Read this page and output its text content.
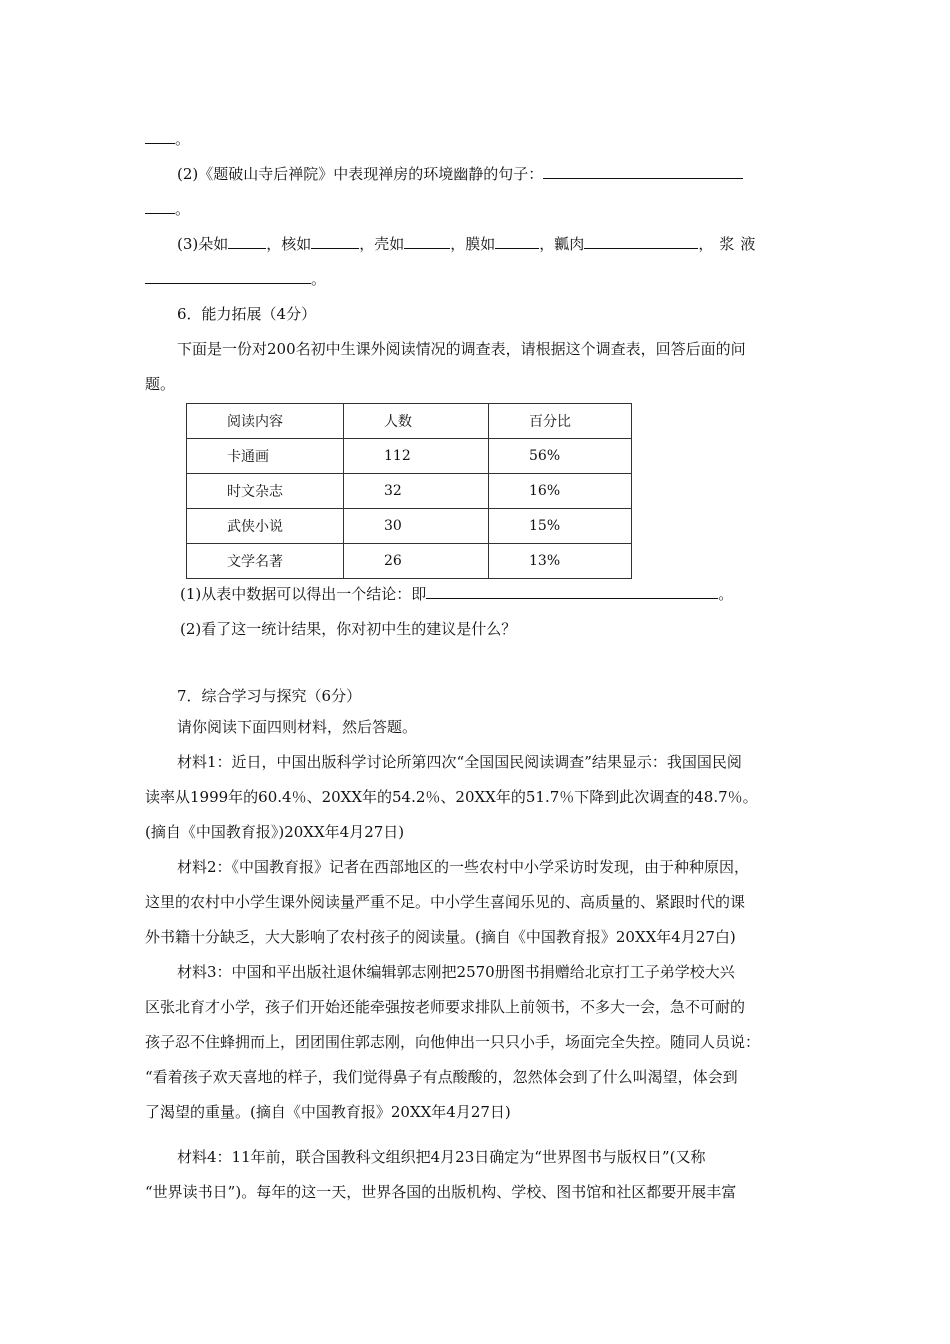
。
(2)《题破山寺后禅院》中表现禅房的环境幽静的句子：
。
(3)朵如	，核如	，壳如	，膜如	，瓤肉	，浆液
。
6．能力拓展（4分）
下面是一份对200名初中生课外阅读情况的调查表，请根据这个调查表，回答后面的问
题。
阅读内容	人数	百分比
卡通画	112	56%
时文杂志	32	16%
武侠小说	30	15%
文学名著	26	13%
(1)从表中数据可以得出一个结论：即	。
(2)看了这一统计结果，你对初中生的建议是什么？
7．综合学习与探究（6分）
请你阅读下面四则材料，然后答题。
材料1：近日，中国出版科学讨论所第四次“全国国民阅读调查”结果显示：我国国民阅
读率从1999年的60.4％、20XX年的54.2％、20XX年的51.7％下降到此次调查的48.7％。
(摘自《中国教育报》)20XX年4月27日)
材料2：《中国教育报》记者在西部地区的一些农村中小学采访时发现，由于种种原因，
这里的农村中小学生课外阅读量严重不足。中小学生喜闻乐见的、高质量的、紧跟时代的课
外书籍十分缺乏，大大影响了农村孩子的阅读量。(摘自《中国教育报》20XX年4月27白)
材料3：中国和平出版社退休编辑郭志刚把2570册图书捐赠给北京打工子弟学校大兴
区张北育才小学，孩子们开始还能牵强按老师要求排队上前领书，不多大一会，急不可耐的
孩子忍不住蜂拥而上，团团围住郭志刚，向他伸出一只只小手，场面完全失控。随同人员说：
“看着孩子欢天喜地的样子，我们觉得鼻子有点酸酸的，忽然体会到了什么叫渴望，体会到
了渴望的重量。(摘自《中国教育报》20XX年4月27日)
材料4：11年前，联合国教科文组织把4月23日确定为“世界图书与版权日”(又称
“世界读书日”)。每年的这一天，世界各国的出版机构、学校、图书馆和社区都要开展丰富
